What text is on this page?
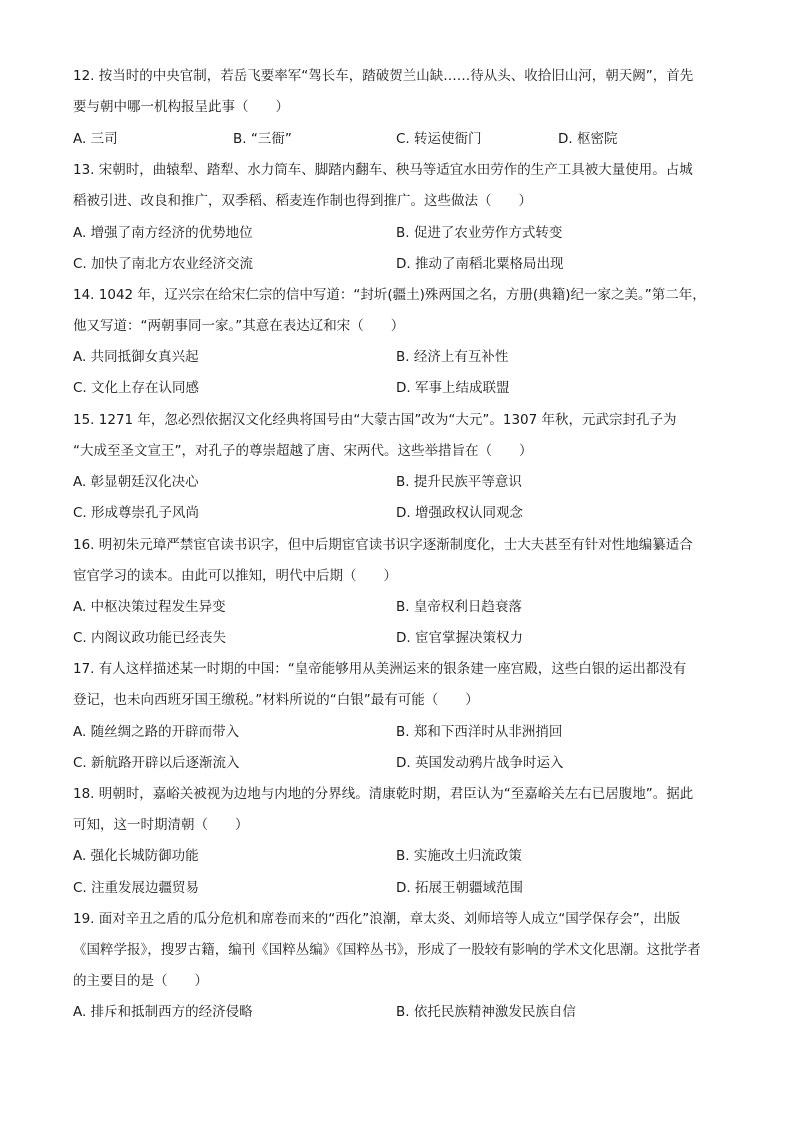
12. 按当时的中央官制，若岳飞要率军“驾长车，踏破贺兰山缺……待从头、收拾旧山河，朝天阙”，首先
要与朝中哪一机构报呈此事（　　）
A. 三司	B. “三衙”	C. 转运使衙门	D. 枢密院
13. 宋朝时，曲辕犁、踏犁、水力筒车、脚踏内翻车、秧马等适宜水田劳作的生产工具被大量使用。占城
稻被引进、改良和推广，双季稻、稻麦连作制也得到推广。这些做法（　　）
A. 增强了南方经济的优势地位	B. 促进了农业劳作方式转变
C. 加快了南北方农业经济交流	D. 推动了南稻北粟格局出现
14. 1042 年，辽兴宗在给宋仁宗的信中写道：“封圻(疆土)殊两国之名，方册(典籍)纪一家之美。”第二年，
他又写道：“两朝事同一家。”其意在表达辽和宋（　　）
A. 共同抵御女真兴起	B. 经济上有互补性
C. 文化上存在认同感	D. 军事上结成联盟
15. 1271 年，忽必烈依据汉文化经典将国号由“大蒙古国”改为“大元”。1307 年秋，元武宗封孔子为
“大成至圣文宣王”，对孔子的尊崇超越了唐、宋两代。这些举措旨在（　　）
A. 彰显朝廷汉化决心	B. 提升民族平等意识
C. 形成尊崇孔子风尚	D. 增强政权认同观念
16. 明初朱元璋严禁宦官读书识字，但中后期宦官读书识字逐渐制度化，士大夫甚至有针对性地编纂适合
宦官学习的读本。由此可以推知，明代中后期（　　）
A. 中枢决策过程发生异变	B. 皇帝权利日趋衰落
C. 内阁议政功能已经丧失	D. 宦官掌握决策权力
17. 有人这样描述某一时期的中国：“皇帝能够用从美洲运来的银条建一座宫殿，这些白银的运出都没有
登记，也未向西班牙国王缴税。”材料所说的“白银”最有可能（　　）
A. 随丝绸之路的开辟而带入	B. 郑和下西洋时从非洲捎回
C. 新航路开辟以后逐渐流入	D. 英国发动鸦片战争时运入
18. 明朝时，嘉峪关被视为边地与内地的分界线。清康乾时期，君臣认为“至嘉峪关左右已居腹地”。据此
可知，这一时期清朝（　　）
A. 强化长城防御功能	B. 实施改土归流政策
C. 注重发展边疆贸易	D. 拓展王朝疆域范围
19. 面对辛丑之盾的瓜分危机和席卷而来的“西化”浪潮，章太炎、刘师培等人成立“国学保存会”，出版
《国粹学报》，搜罗古籍，编刊《国粹丛编》《国粹丛书》，形成了一股较有影响的学术文化思潮。这批学者
的主要目的是（　　）
A. 排斥和抵制西方的经济侵略	B. 依托民族精神激发民族自信
